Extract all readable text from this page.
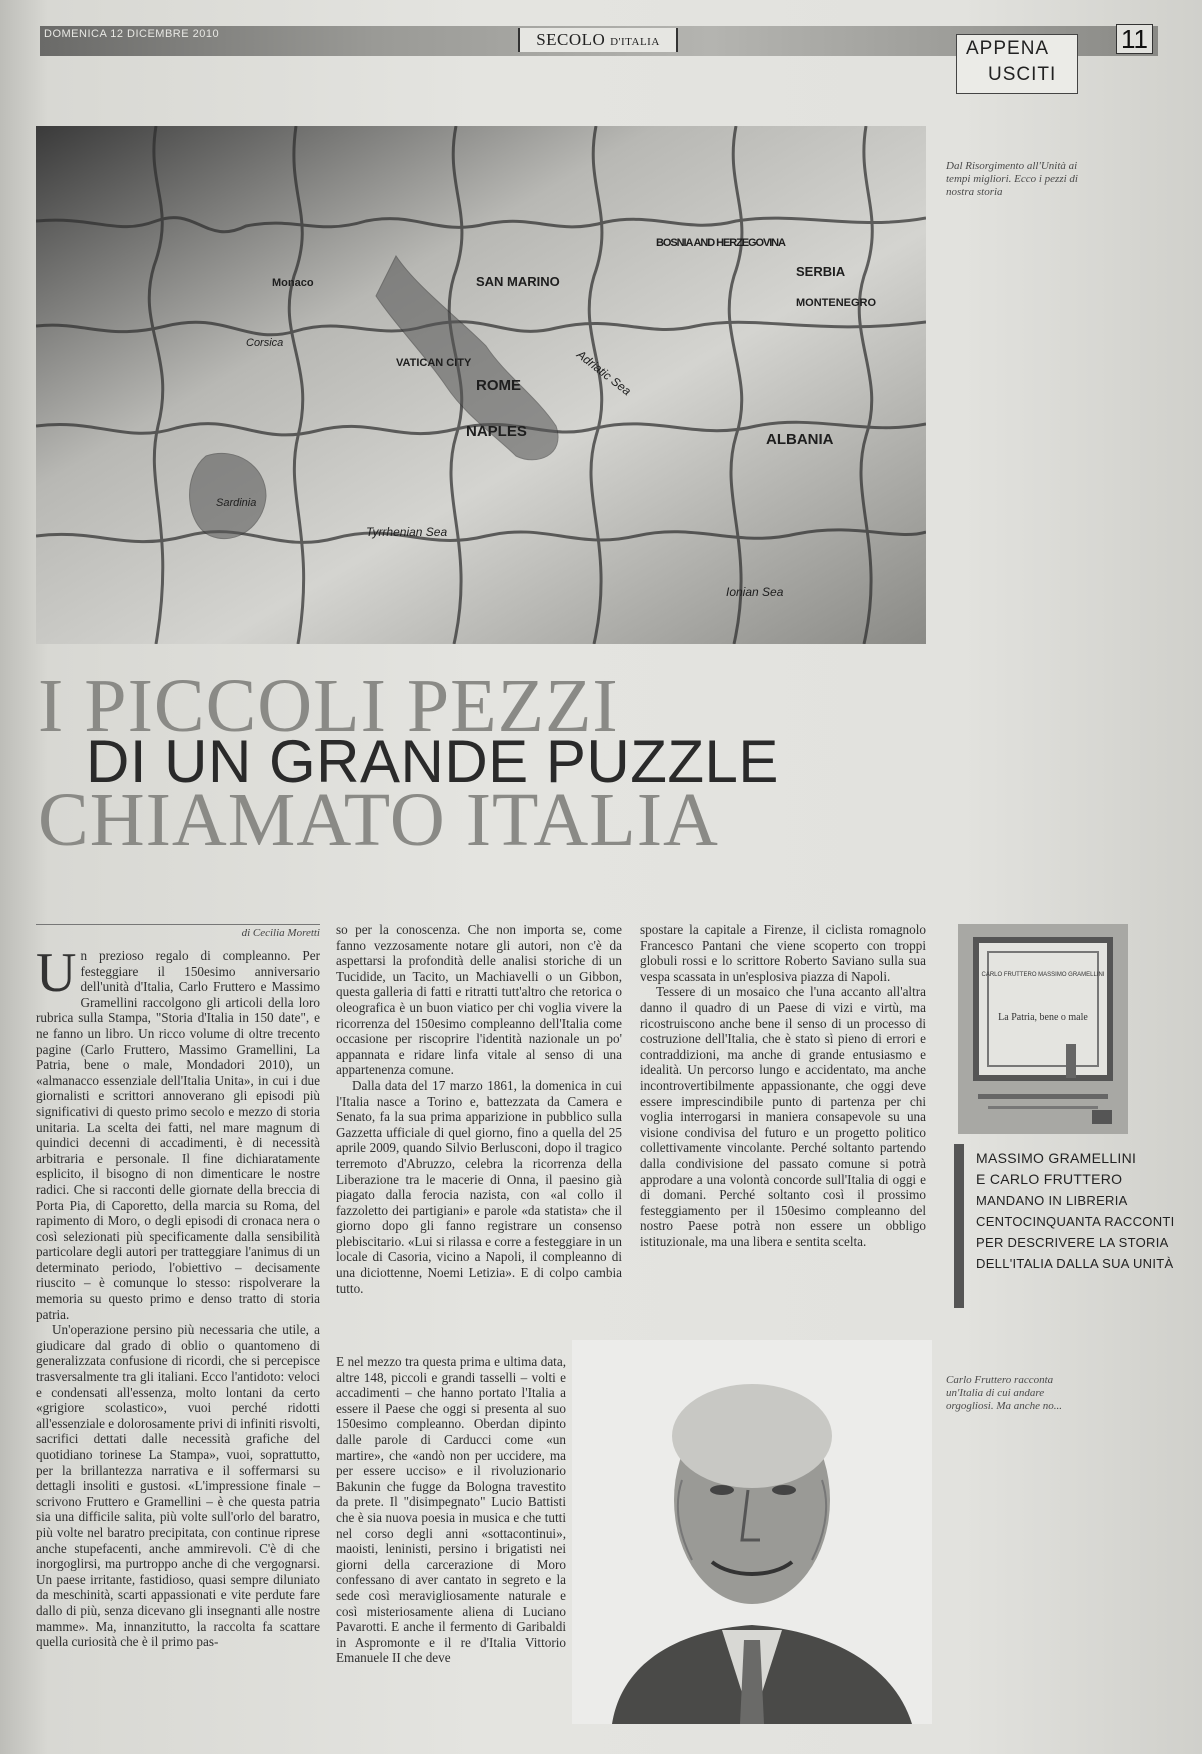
DOMENICA 12 DICEMBRE 2010	SECOLO D'ITALIA	APPENA
USCITI
11
BOSNIA AND HERZEGOVINA
SERBIA
MONTENEGRO
SAN MARINO
VATICAN CITY
ROME
NAPLES	ALBANIA
Adriatic Sea
Tyrrhenian Sea
Ionian Sea
Sardinia
Corsica
Monaco
Dal Risorgimento all'Unità ai tempi migliori. Ecco i pezzi di nostra storia
I PICCOLI PEZZI
CHIAMATO ITALIA
DI UN GRANDE PUZZLE
di Cecilia Moretti

Un prezioso regalo di compleanno. Per festeggiare il 150esimo anniversario dell'unità d'Italia, Carlo Fruttero e Massimo Gramellini raccolgono gli articoli della loro rubrica sulla Stampa, "Storia d'Italia in 150 date", e ne fanno un libro. Un ricco volume di oltre trecento pagine (Carlo Fruttero, Massimo Gramellini, La Patria, bene o male, Mondadori 2010), un «almanacco essenziale dell'Italia Unita», in cui i due giornalisti e scrittori annoverano gli episodi più significativi di questo primo secolo e mezzo di storia unitaria. La scelta dei fatti, nel mare magnum di quindici decenni di accadimenti, è di necessità arbitraria e personale. Il fine dichiaratamente esplicito, il bisogno di non dimenticare le nostre radici. Che si racconti delle giornate della breccia di Porta Pia, di Caporetto, della marcia su Roma, del rapimento di Moro, o degli episodi di cronaca nera o così selezionati più specificamente dalla sensibilità particolare degli autori per tratteggiare l'animus di un determinato periodo, l'obiettivo – decisamente riuscito – è comunque lo stesso: rispolverare la memoria su questo primo e denso tratto di storia patria.

Un'operazione persino più necessaria che utile, a giudicare dal grado di oblio o quantomeno di generalizzata confusione di ricordi, che si percepisce trasversalmente tra gli italiani. Ecco l'antidoto: veloci e condensati all'essenza, molto lontani da certo «grigiore scolastico», vuoi perché ridotti all'essenziale e dolorosamente privi di infiniti risvolti, sacrifici dettati dalle necessità grafiche del quotidiano torinese La Stampa», vuoi, soprattutto, per la brillantezza narrativa e il soffermarsi su dettagli insoliti e gustosi. «L'impressione finale – scrivono Fruttero e Gramellini – è che questa patria sia una difficile salita, più volte sull'orlo del baratro, più volte nel baratro precipitata, con continue riprese anche stupefacenti, anche ammirevoli. C'è di che inorgoglirsi, ma purtroppo anche di che vergognarsi. Un paese irritante, fastidioso, quasi sempre diluniato da meschinità, scarti appassionati e vite perdute fare dallo di più, senza dicevano gli insegnanti alle nostre mamme». Ma, innanzitutto, la raccolta fa scattare quella curiosità che è il primo pas-

so per la conoscenza. Che non importa se, come fanno vezzosamente notare gli autori, non c'è da aspettarsi la profondità delle analisi storiche di un Tucidide, un Tacito, un Machiavelli o un Gibbon, questa galleria di fatti e ritratti tutt'altro che retorica o oleografica è un buon viatico per chi voglia vivere la ricorrenza del 150esimo compleanno dell'Italia come occasione per riscoprire l'identità nazionale un po' appannata e ridare linfa vitale al senso di una appartenenza comune.

Dalla data del 17 marzo 1861, la domenica in cui l'Italia nasce a Torino e, battezzata da Camera e Senato, fa la sua prima apparizione in pubblico sulla Gazzetta ufficiale di quel giorno, fino a quella del 25 aprile 2009, quando Silvio Berlusconi, dopo il tragico terremoto d'Abruzzo, celebra la ricorrenza della Liberazione tra le macerie di Onna, il paesino già piagato dalla ferocia nazista, con «al collo il fazzoletto dei partigiani» e parole «da statista» che il giorno dopo gli fanno registrare un consenso plebiscitario. «Lui si rilassa e corre a festeggiare in un locale di Casoria, vicino a Napoli, il compleanno di una diciottenne, Noemi Letizia». E di colpo cambia tutto.

E nel mezzo tra questa prima e ultima data, altre 148, piccoli e grandi tasselli – volti e accadimenti – che hanno portato l'Italia a essere il Paese che oggi si presenta al suo 150esimo compleanno. Oberdan dipinto dalle parole di Carducci come «un martire», che «andò non per uccidere, ma per essere ucciso» e il rivoluzionario Bakunin che fugge da Bologna travestito da prete. Il "disimpegnato" Lucio Battisti che è sia nuova poesia in musica e che tutti nel corso degli anni «sottacontinui», maoisti, leninisti, persino i brigatisti nei giorni della carcerazione di Moro confessano di aver cantato in segreto e la sede così meravigliosamente naturale e così misteriosamente aliena di Luciano Pavarotti. E anche il fermento di Garibaldi in Aspromonte e il re d'Italia Vittorio Emanuele II che deve

spostare la capitale a Firenze, il ciclista romagnolo Francesco Pantani che viene scoperto con troppi globuli rossi e lo scrittore Roberto Saviano sulla sua vespa scassata in un'esplosiva piazza di Napoli.

Tessere di un mosaico che l'una accanto all'altra danno il quadro di un Paese di vizi e virtù, ma ricostruiscono anche bene il senso di un processo di costruzione dell'Italia, che è stato sì pieno di errori e contraddizioni, ma anche di grande entusiasmo e idealità. Un percorso lungo e accidentato, ma anche incontrovertibilmente appassionante, che oggi deve essere imprescindibile punto di partenza per chi voglia interrogarsi in maniera consapevole su una visione condivisa del futuro e un progetto politico collettivamente vincolante. Perché soltanto partendo dalla condivisione del passato comune si potrà approdare a una volontà concorde sull'Italia di oggi e di domani. Perché soltanto così il prossimo festeggiamento per il 150esimo compleanno del nostro Paese potrà non essere un obbligo istituzionale, ma una libera e sentita scelta.

CARLO FRUTTERO MASSIMO GRAMELLINI
La Patria, bene o male
MASSIMO GRAMELLINI
E CARLO FRUTTERO
MANDANO IN LIBRERIA
CENTOCINQUANTA RACCONTI
PER DESCRIVERE LA STORIA
DELL'ITALIA DALLA SUA UNITÀ
Carlo Fruttero racconta un'Italia di cui andare orgogliosi. Ma anche no...
